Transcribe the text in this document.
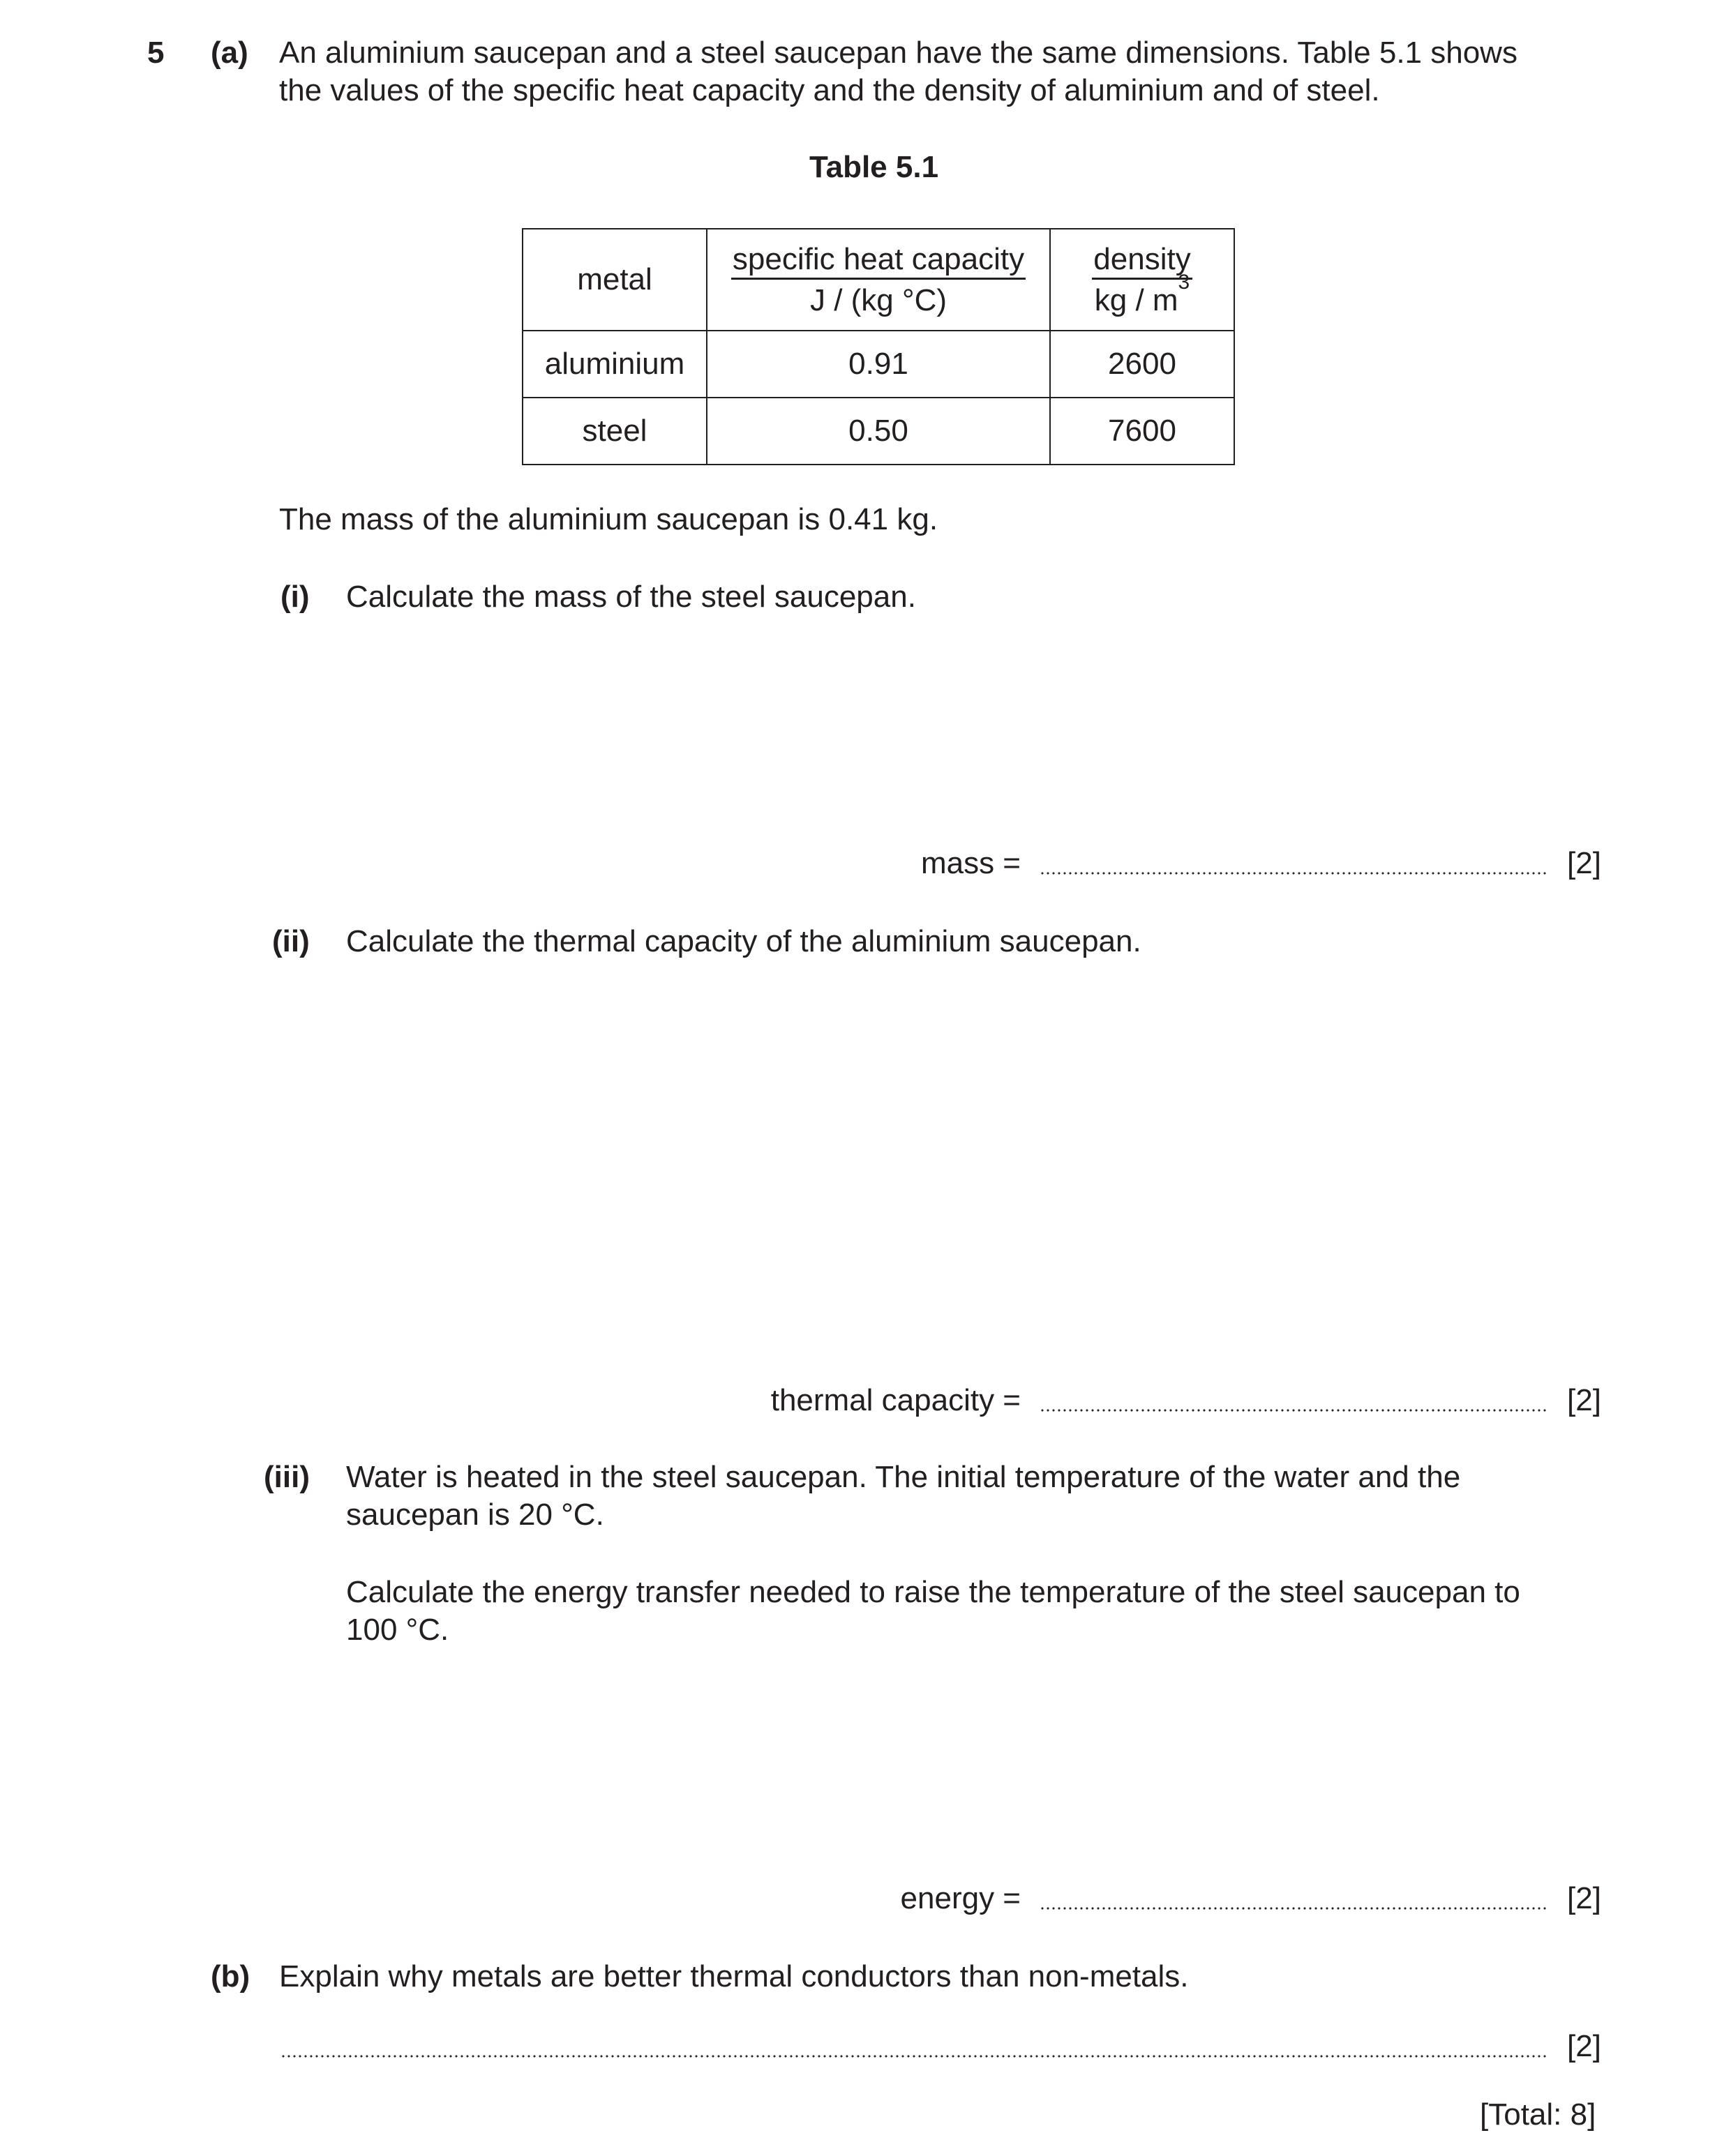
5 (a) An aluminium saucepan and a steel saucepan have the same dimensions. Table 5.1 shows
the values of the specific heat capacity and the density of aluminium and of steel.
Table 5.1
metal	$\frac{\text{specific heat capacity}}{J / (kg ^\circ C)}$	$\frac{\text{density}}{kg / m^3}$

aluminium	0.91	2600
steel	0.50	7600
The mass of the aluminium saucepan is 0.41 kg.
(i) Calculate the mass of the steel saucepan.
mass =	[2]
(ii) Calculate the thermal capacity of the aluminium saucepan.
thermal capacity =	[2]
(iii) Water is heated in the steel saucepan. The initial temperature of the water and the
saucepan is 20 °C.
Calculate the energy transfer needed to raise the temperature of the steel saucepan to
100 °C.
energy =	[2]
(b) Explain why metals are better thermal conductors than non-metals.
[2]
[Total: 8]
